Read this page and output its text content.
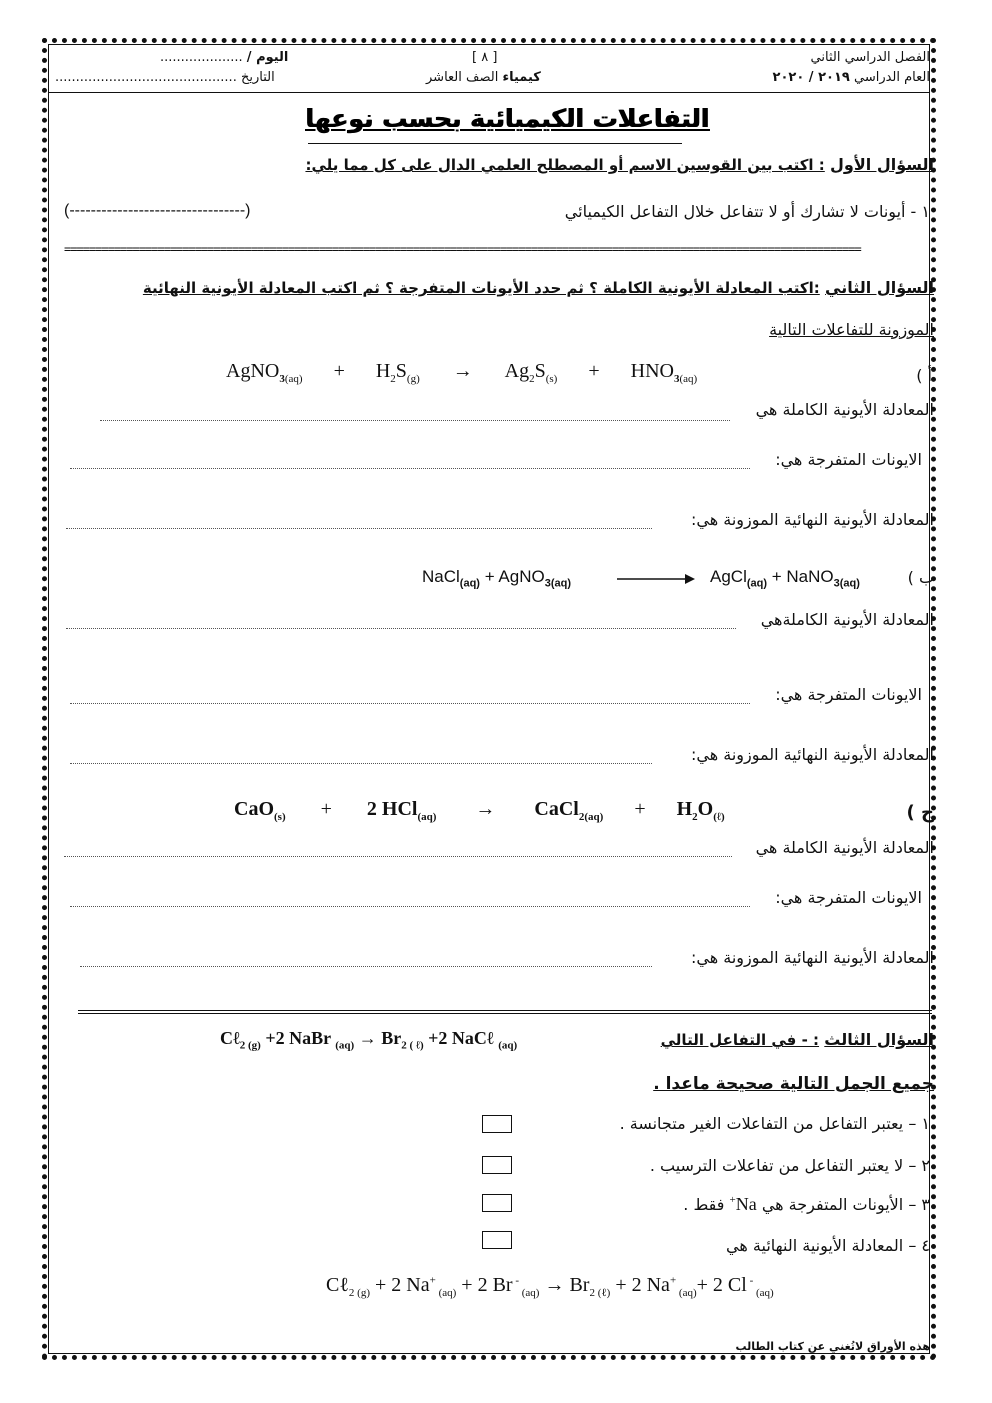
الفصل الدراسي الثاني
العام الدراسي ٢٠١٩ / ٢٠٢٠
[ ٨ ]
كيمياء الصف العاشر
اليوم / ....................
التاريخ ............................................
التفاعلات الكيميائية بحسب نوعها
السؤال الأول : اكتب بين القوسين الاسم أو المصطلح العلمي الدال على كل مما يلي:
١ - أيونات لا تشارك أو لا تتفاعل خلال التفاعل الكيميائي
(---------------------------------)
================================================================================================================================
السؤال الثاني :اكتب المعادلة الأيونية الكاملة ؟ ثم حدد الأيونات المتفرجة ؟ ثم اكتب المعادلة الأيونية النهائية
الموزونة للتفاعلات التالية
أ )
AgNO$_{3(aq)}$ + $H_2S_{(g)} \to Ag_2S_{(s)} + HNO_{3(aq)}$
المعادلة الأيونية الكاملة هي
الايونات المتفرجة هي:
المعادلة الأيونية النهائية الموزونة هي:
ب )
NaCl$_{(aq)}$ + AgNO$_{3(aq)}$	AgCl$_{(aq)}$ + NaNO$_{3(aq)}$
المعادلة الأيونية الكاملةهي
الايونات المتفرجة هي:
المعادلة الأيونية النهائية الموزونة هي:
ج )
CaO$_{(s)}$ + 2 HCl$_{(aq)}$ → CaCl$_{2(aq)}$ + $H_2O_{(\ell)}$
المعادلة الأيونية الكاملة هي
الايونات المتفرجة هي:
المعادلة الأيونية النهائية الموزونة هي:
السؤال الثالث : - في التفاعل التالي
Cℓ$_2$ $_{(g)}$ +2 NaBr $_{(aq)} \to Br_2$ $_{( \ell)}$ +2 NaCℓ $_{(aq)}$
جميع الجمل التالية صحيحة ماعدا .
١ – يعتبر التفاعل من التفاعلات الغير متجانسة .
٢ – لا يعتبر التفاعل من تفاعلات الترسيب .
٣ – الأيونات المتفرجة هي Na+ فقط .
٤ – المعادلة الأيونية النهائية هي
Cℓ$_{2 (g)}$ + 2 Na+ $_{(aq)}$ + 2 Br - $_{(aq)} \to Br_{2 (\ell)} + 2$ Na+ $_{(aq)}$+ 2 Cl - $_{(aq)}$
هذه الأوراق لاتُغني عن كتاب الطالب
